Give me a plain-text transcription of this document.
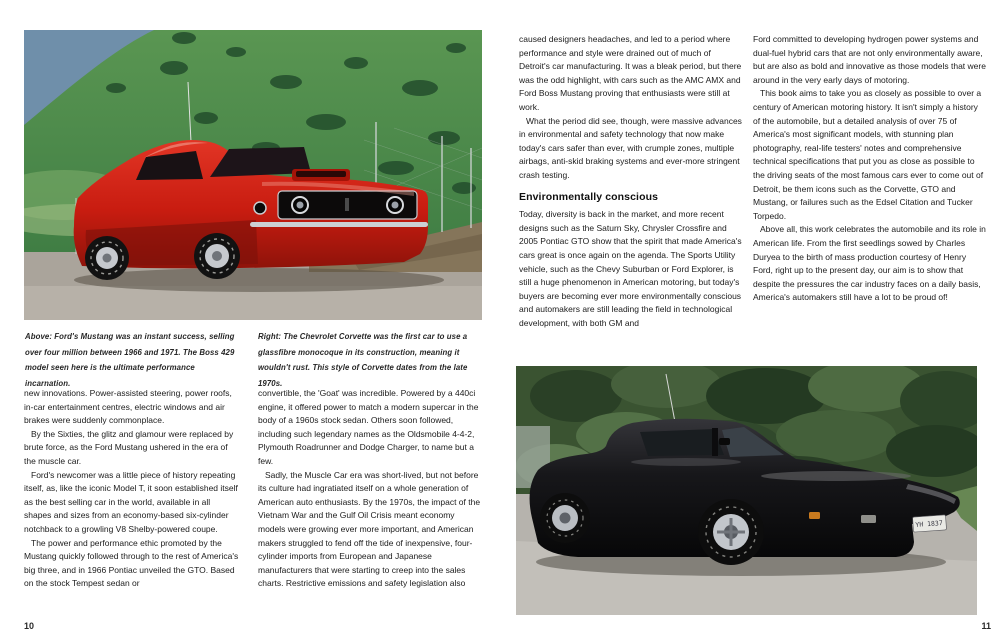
Above: Ford's Mustang was an instant success, selling over four million between 1966 and 1971. The Boss 429 model seen here is the ultimate performance incarnation.
Right: The Chevrolet Corvette was the first car to use a glassfibre monocoque in its construction, meaning it wouldn't rust. This style of Corvette dates from the late 1970s.

new innovations. Power-assisted steering, power roofs, in-car entertainment centres, electric windows and air brakes were suddenly commonplace.

By the Sixties, the glitz and glamour were replaced by brute force, as the Ford Mustang ushered in the era of the muscle car.

Ford's newcomer was a little piece of history repeating itself, as, like the iconic Model T, it soon established itself as the best selling car in the world, available in all shapes and sizes from an economy-based six-cylinder notchback to a growling V8 Shelby-powered coupe.

The power and performance ethic promoted by the Mustang quickly followed through to the rest of America's big three, and in 1966 Pontiac unveiled the GTO. Based on the stock Tempest sedan or

convertible, the 'Goat' was incredible. Powered by a 440ci engine, it offered power to match a modern supercar in the body of a 1960s stock sedan. Others soon followed, including such legendary names as the Oldsmobile 4-4-2, Plymouth Roadrunner and Dodge Charger, to name but a few.

Sadly, the Muscle Car era was short-lived, but not before its culture had ingratiated itself on a whole generation of American auto enthusiasts. By the 1970s, the impact of the Vietnam War and the Gulf Oil Crisis meant economy models were growing ever more important, and American makers struggled to fend off the tide of inexpensive, four-cylinder imports from European and Japanese manufacturers that were starting to creep into the sales charts. Restrictive emissions and safety legislation also

10

caused designers headaches, and led to a period where performance and style were drained out of much of Detroit's car manufacturing. It was a bleak period, but there was the odd highlight, with cars such as the AMC AMX and Ford Boss Mustang proving that enthusiasts were still at work.

What the period did see, though, were massive advances in environmental and safety technology that now make today's cars safer than ever, with crumple zones, multiple airbags, anti-skid braking systems and ever-more stringent crash testing.

Environmentally conscious

Today, diversity is back in the market, and more recent designs such as the Saturn Sky, Chrysler Crossfire and 2005 Pontiac GTO show that the spirit that made America's cars great is once again on the agenda. The Sports Utility vehicle, such as the Chevy Suburban or Ford Explorer, is still a huge phenomenon in American motoring, but today's buyers are becoming ever more environmentally conscious and automakers are still leading the field in technological development, with both GM and

Ford committed to developing hydrogen power systems and dual-fuel hybrid cars that are not only environmentally aware, but are also as bold and innovative as those models that were around in the very early days of motoring.

This book aims to take you as closely as possible to over a century of American motoring history. It isn't simply a history of the automobile, but a detailed analysis of over 75 of America's most significant models, with stunning plan photography, real-life testers' notes and comprehensive technical specifications that put you as close as possible to the driving seats of the most famous cars ever to come out of Detroit, be them icons such as the Corvette, GTO and Mustang, or failures such as the Edsel Citation and Tucker Torpedo.

Above all, this work celebrates the automobile and its role in American life. From the first seedlings sowed by Charles Duryea to the birth of mass production courtesy of Henry Ford, right up to the present day, our aim is to show that despite the pressures the car industry faces on a daily basis, America's automakers still have a lot to be proud of!

YH 1837
11
